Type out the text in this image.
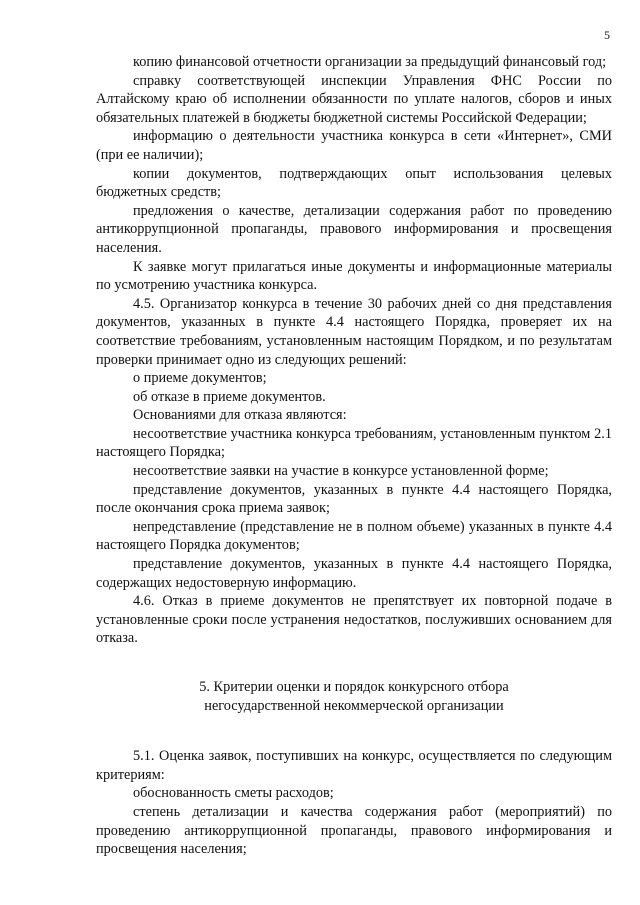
5

копию финансовой отчетности организации за предыдущий финансовый год;

справку соответствующей инспекции Управления ФНС России по Алтайскому краю об исполнении обязанности по уплате налогов, сборов и иных обязательных платежей в бюджеты бюджетной системы Российской Федерации;

информацию о деятельности участника конкурса в сети «Интернет», СМИ (при ее наличии);

копии документов, подтверждающих опыт использования целевых бюджетных средств;

предложения о качестве, детализации содержания работ по проведению антикоррупционной пропаганды, правового информирования и просвещения населения.

К заявке могут прилагаться иные документы и информационные материалы по усмотрению участника конкурса.

4.5. Организатор конкурса в течение 30 рабочих дней со дня представления документов, указанных в пункте 4.4 настоящего Порядка, проверяет их на соответствие требованиям, установленным настоящим Порядком, и по результатам проверки принимает одно из следующих решений:

о приеме документов;

об отказе в приеме документов.

Основаниями для отказа являются:

несоответствие участника конкурса требованиям, установленным пунктом 2.1 настоящего Порядка;

несоответствие заявки на участие в конкурсе установленной форме;

представление документов, указанных в пункте 4.4 настоящего Порядка, после окончания срока приема заявок;

непредставление (представление не в полном объеме) указанных в пункте 4.4 настоящего Порядка документов;

представление документов, указанных в пункте 4.4 настоящего Порядка, содержащих недостоверную информацию.

4.6. Отказ в приеме документов не препятствует их повторной подаче в установленные сроки после устранения недостатков, послуживших основанием для отказа.

5. Критерии оценки и порядок конкурсного отбора
негосударственной некоммерческой организации

5.1. Оценка заявок, поступивших на конкурс, осуществляется по следующим критериям:

обоснованность сметы расходов;

степень детализации и качества содержания работ (мероприятий) по проведению антикоррупционной пропаганды, правового информирования и просвещения населения;
